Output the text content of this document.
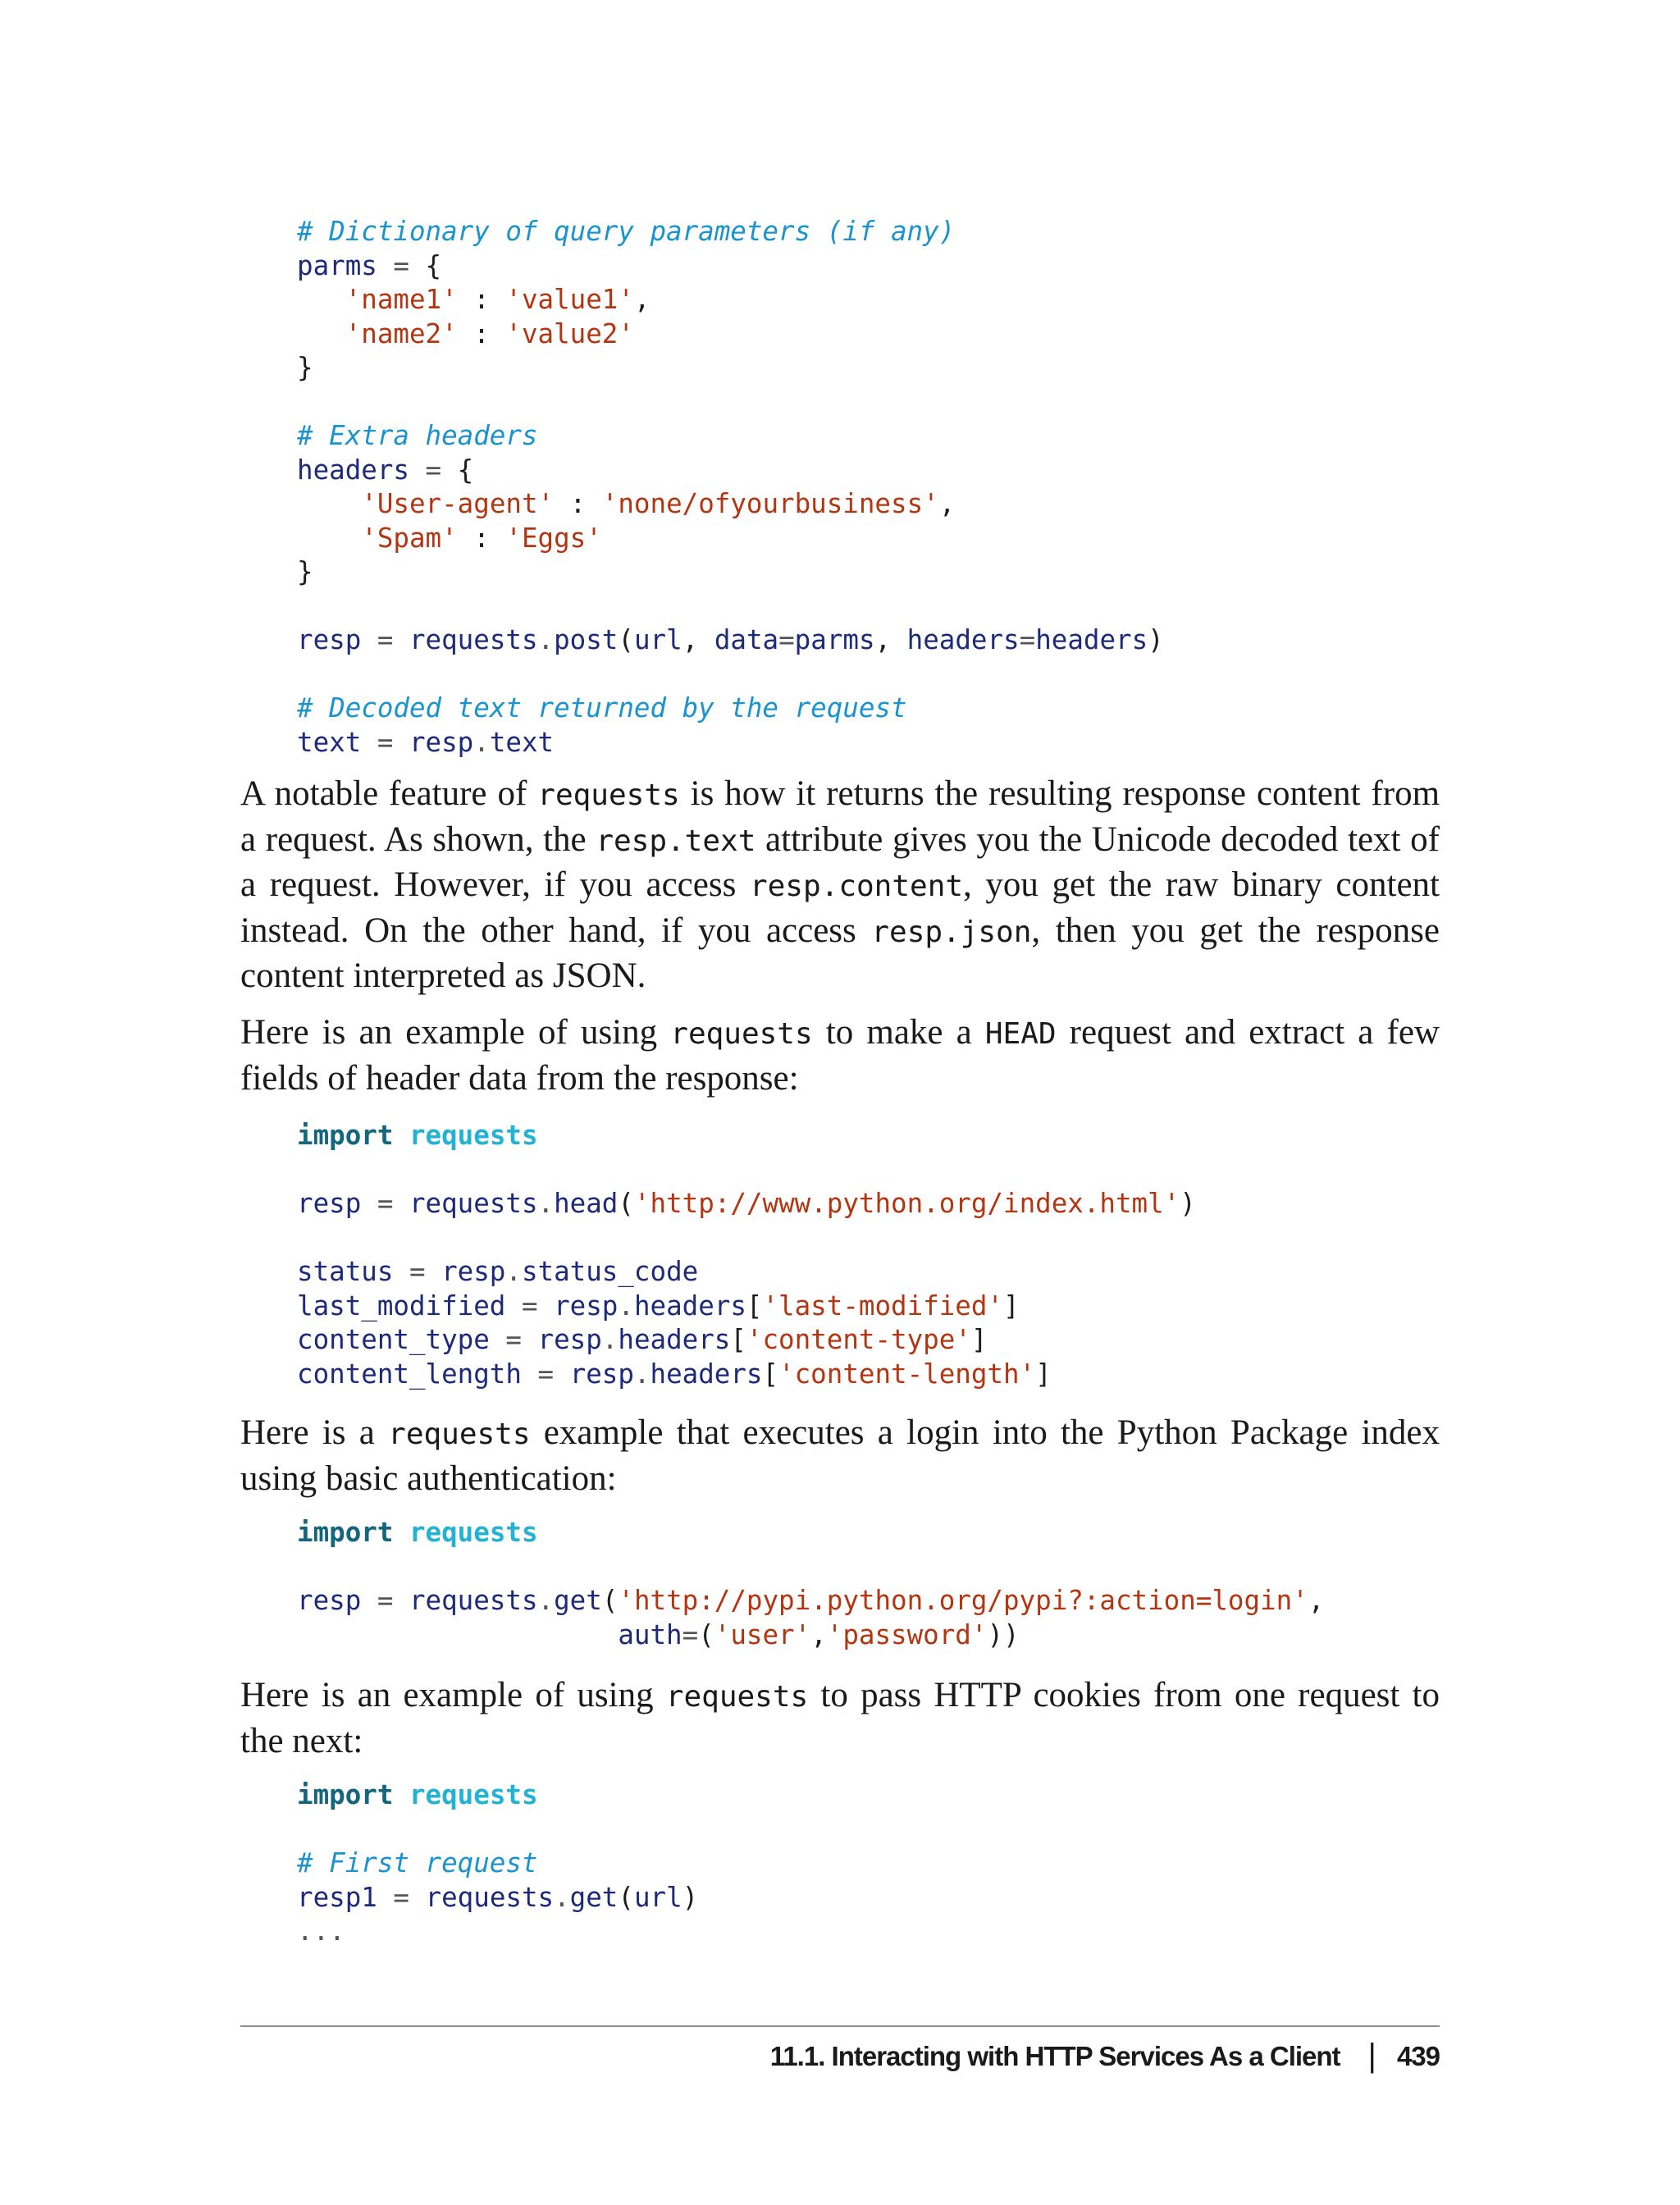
# Dictionary of query parameters (if any)
parms = {
'name1' : 'value1',
'name2' : 'value2'
}
# Extra headers
headers = {
'User-agent' : 'none/ofyourbusiness',
'Spam' : 'Eggs'
}
resp = requests.post(url, data=parms, headers=headers)
# Decoded text returned by the request
text = resp.text

A notable feature of requests is how it returns the resulting response content from a request. As shown, the resp.text attribute gives you the Unicode decoded text of a request. However, if you access resp.content, you get the raw binary content instead. On the other hand, if you access resp.json, then you get the response content interpreted as JSON.

Here is an example of using requests to make a HEAD request and extract a few fields of header data from the response:

import requests
resp = requests.head('http://www.python.org/index.html')
status = resp.status_code
last_modified = resp.headers['last-modified']
content_type = resp.headers['content-type']
content_length = resp.headers['content-length']

Here is a requests example that executes a login into the Python Package index using basic authentication:

import requests
resp = requests.get('http://pypi.python.org/pypi?:action=login',
auth=('user','password'))

Here is an example of using requests to pass HTTP cookies from one request to the next:

import requests
# First request
resp1 = requests.get(url)
...
11.1. Interacting with HTTP Services As a Client | 439
